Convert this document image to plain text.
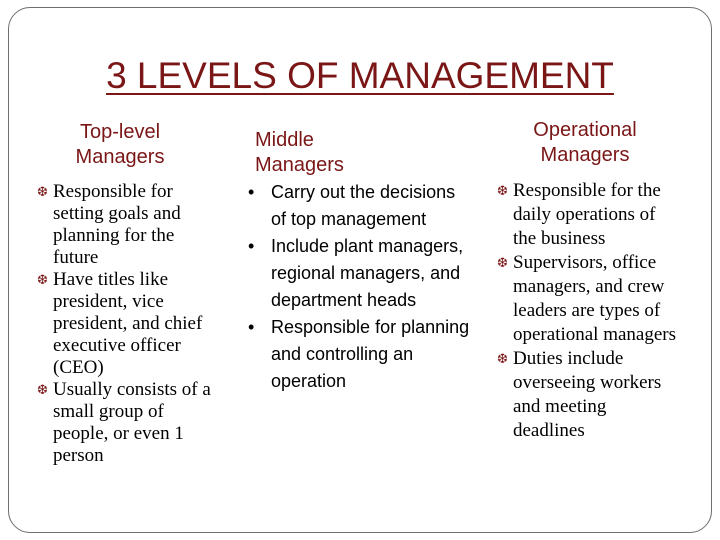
3 LEVELS OF MANAGEMENT
Top-level Managers
❆ Responsible for setting goals and planning for the future
❆ Have titles like president, vice president, and chief executive officer (CEO)
❆ Usually consists of a small group of people, or even 1 person
Middle Managers
• Carry out the decisions of top management
• Include plant managers, regional managers, and department heads
• Responsible for planning and controlling an operation
Operational Managers
❆ Responsible for the daily operations of the business
❆ Supervisors, office managers, and crew leaders are types of operational managers
❆ Duties include overseeing workers and meeting deadlines
